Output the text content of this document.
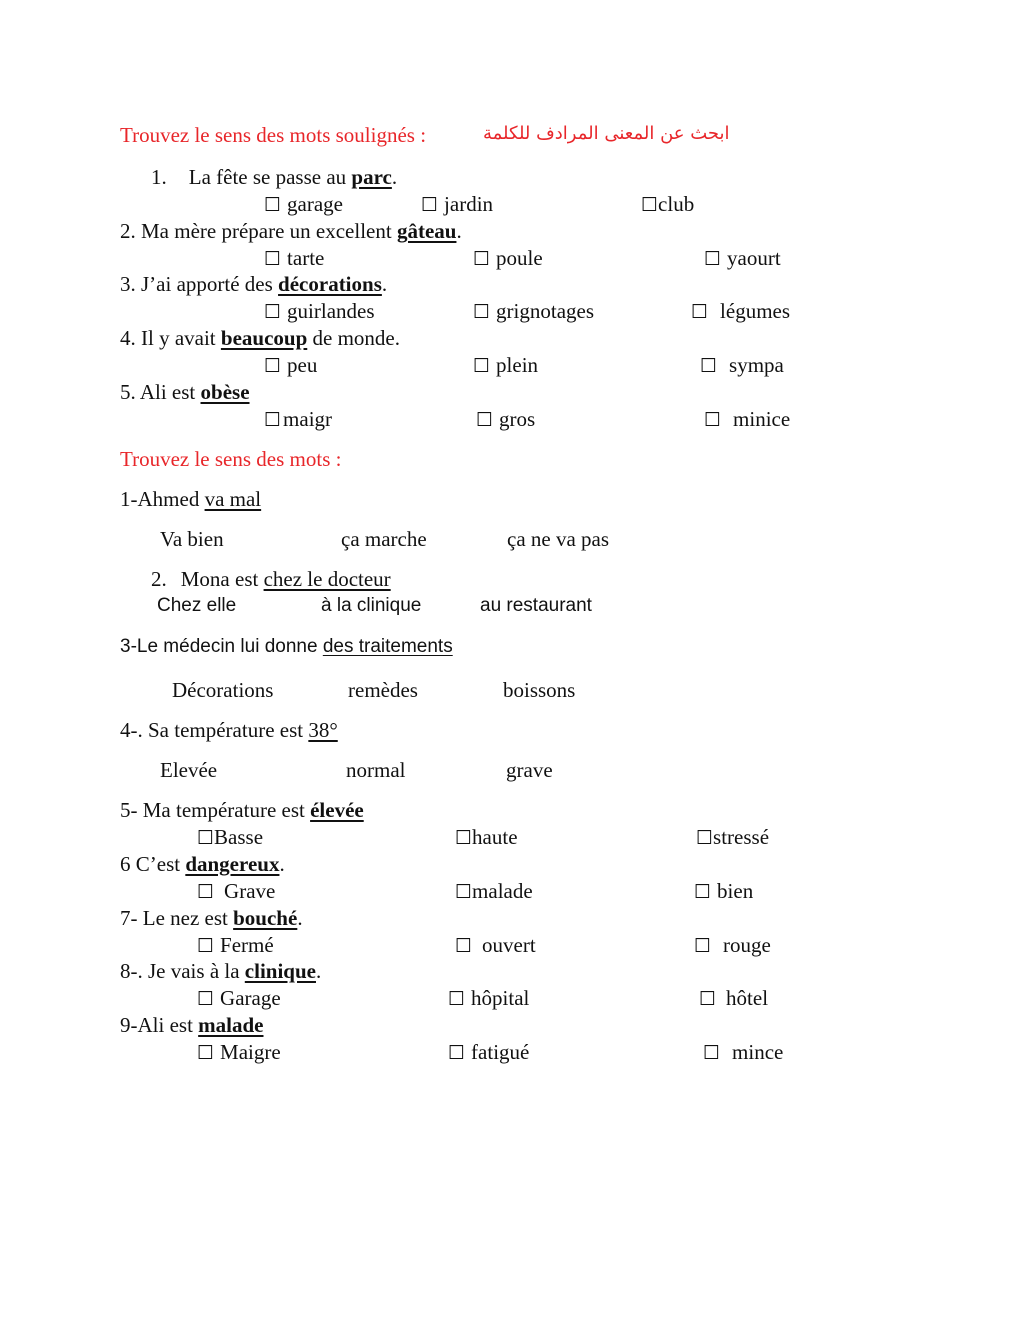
Trouvez le sens des mots soulignés :	ابحث عن المعنى المرادف للكلمة
1. La fête se passe au parc.
☐ garage	☐ jardin	☐club
2. Ma mère prépare un excellent gâteau.
☐ tarte	☐ poule	☐ yaourt
3. J’ai apporté des décorations.
☐ guirlandes	☐ grignotages	☐ légumes
4. Il y avait beaucoup de monde.
☐ peu	☐ plein	☐ sympa
5. Ali est obèse
☐maigr	☐ gros	☐ minice
Trouvez le sens des mots :
1-Ahmed va mal
Va bien	ça marche	ça ne va pas
2. Mona est chez le docteur
Chez elle	à la clinique	au restaurant
3-Le médecin lui donne des traitements
Décorations	remèdes	boissons
4-. Sa température est 38°
Elevée	normal	grave
5- Ma température est élevée
☐Basse	☐haute	☐stressé
6 C’est dangereux.
☐ Grave	☐malade	☐ bien
7- Le nez est bouché.
☐ Fermé	☐ ouvert	☐ rouge
8-. Je vais à la clinique.
☐ Garage	☐ hôpital	☐ hôtel
9-Ali est malade
☐ Maigre	☐ fatigué	☐ mince
